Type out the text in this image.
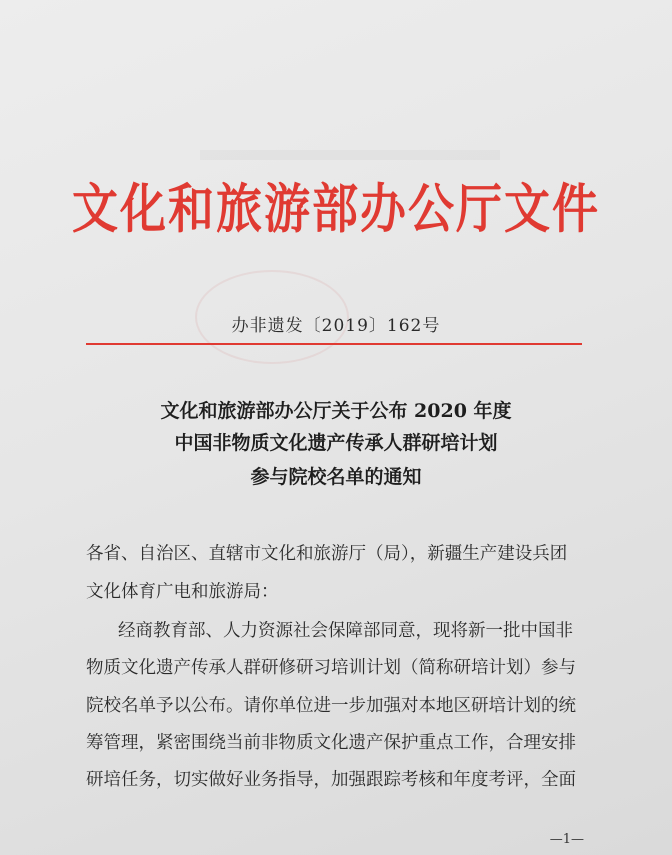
文化和旅游部办公厅文件
办非遗发〔2019〕162号
文化和旅游部办公厅关于公布 2020 年度
中国非物质文化遗产传承人群研培计划
参与院校名单的通知
各省、自治区、直辖市文化和旅游厅（局），新疆生产建设兵团
文化体育广电和旅游局：
经商教育部、人力资源社会保障部同意，现将新一批中国非
物质文化遗产传承人群研修研习培训计划（简称研培计划）参与
院校名单予以公布。请你单位进一步加强对本地区研培计划的统
筹管理，紧密围绕当前非物质文化遗产保护重点工作，合理安排
研培任务，切实做好业务指导，加强跟踪考核和年度考评，全面
—1—
